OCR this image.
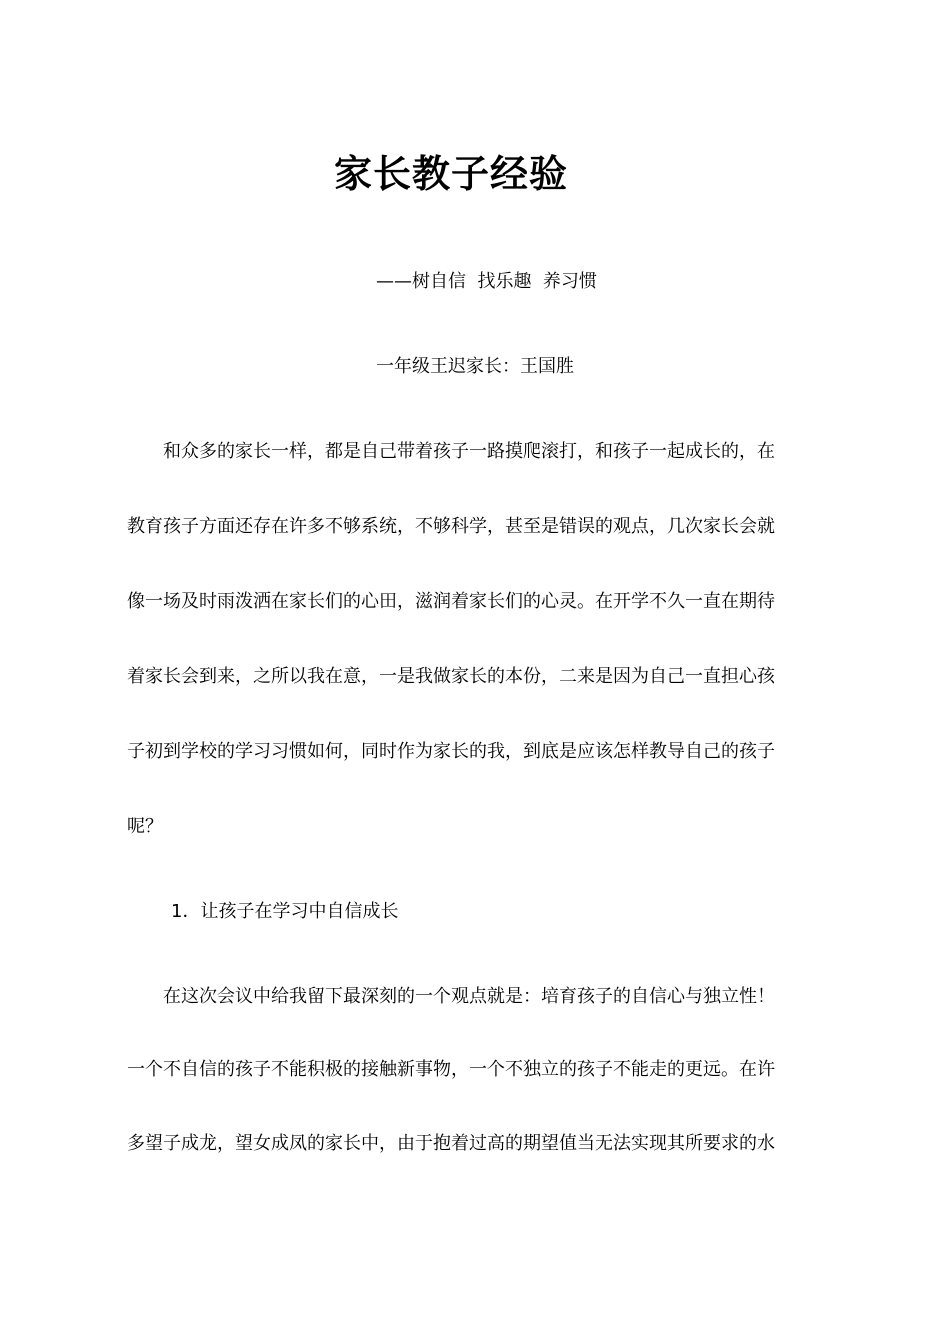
家长教子经验
——树自信  找乐趣  养习惯
一年级王迟家长：王国胜
　　和众多的家长一样，都是自己带着孩子一路摸爬滚打，和孩子一起成长的，在
教育孩子方面还存在许多不够系统，不够科学，甚至是错误的观点，几次家长会就
像一场及时雨泼洒在家长们的心田，滋润着家长们的心灵。在开学不久一直在期待
着家长会到来，之所以我在意，一是我做家长的本份，二来是因为自己一直担心孩
子初到学校的学习习惯如何，同时作为家长的我，到底是应该怎样教导自己的孩子
呢？
1．让孩子在学习中自信成长
　　在这次会议中给我留下最深刻的一个观点就是：培育孩子的自信心与独立性！
一个不自信的孩子不能积极的接触新事物，一个不独立的孩子不能走的更远。在许
多望子成龙，望女成凤的家长中，由于抱着过高的期望值当无法实现其所要求的水
